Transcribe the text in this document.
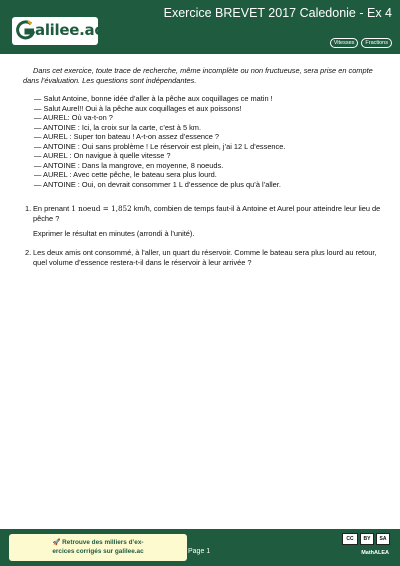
alilee.ac
Exercice BREVET 2017 Caledonie - Ex 4
Vitesses	Fractions

Dans cet exercice, toute trace de recherche, même incomplète ou non fructueuse, sera prise en compte dans l’évaluation. Les questions sont indépendantes.

— Salut Antoine, bonne idée d’aller à la pêche aux coquillages ce matin !
— Salut Aurel!! Oui à la pêche aux coquillages et aux poissons!
— AUREL: Où va-t-on ?
— ANTOINE : Ici, la croix sur la carte, c’est à 5 km.
— AUREL : Super ton bateau ! A-t-on assez d’essence ?
— ANTOINE : Oui sans problème ! Le réservoir est plein, j’ai 12 L d’essence.
— AUREL : On navigue à quelle vitesse ?
— ANTOINE : Dans la mangrove, en moyenne, 8 noeuds.
— AUREL : Avec cette pêche, le bateau sera plus lourd.
— ANTOINE : Oui, on devrait consommer 1 L d’essence de plus qu’à l’aller.
1. En prenant 1 noeud = 1,852 km/h, combien de temps faut-il à Antoine et Aurel pour atteindre leur lieu de pêche ?

Exprimer le résultat en minutes (arrondi à l’unité).

2. Les deux amis ont consommé, à l’aller, un quart du réservoir. Comme le bateau sera plus lourd au retour, quel volume d’essence restera-t-il dans le réservoir à leur arrivée ?

🚀 Retrouve des milliers d’ex-
ercices corrigés sur galilee.ac	Page 1
CC	BY	SA
MathALEA
